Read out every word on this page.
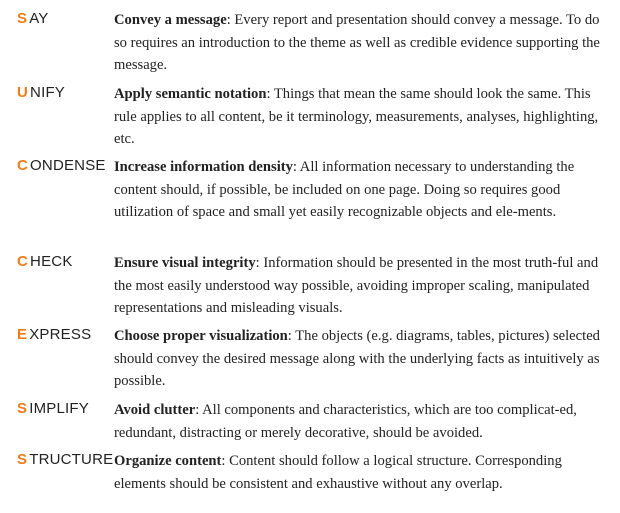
S AY	Convey a message: Every report and presentation should convey a message. To do so requires an introduction to the theme as well as credible evidence supporting the message.

U NIFY	Apply semantic notation: Things that mean the same should look the same. This rule applies to all content, be it terminology, measurements, analyses, highlighting, etc.

C ONDENSE Increase information density: All information necessary to understanding the content should, if possible, be included on one page. Doing so requires good utilization of space and small yet easily recognizable objects and ele-ments.

C HECK	Ensure visual integrity: Information should be presented in the most truth-ful and the most easily understood way possible, avoiding improper scaling, manipulated representations and misleading visuals.

E XPRESS Choose proper visualization: The objects (e.g. diagrams, tables, pictures) selected should convey the desired message along with the underlying facts as intuitively as possible.

S IMPLIFY Avoid clutter: All components and characteristics, which are too complicat-ed, redundant, distracting or merely decorative, should be avoided.

S TRUCTURE Organize content: Content should follow a logical structure. Corresponding elements should be consistent and exhaustive without any overlap.
